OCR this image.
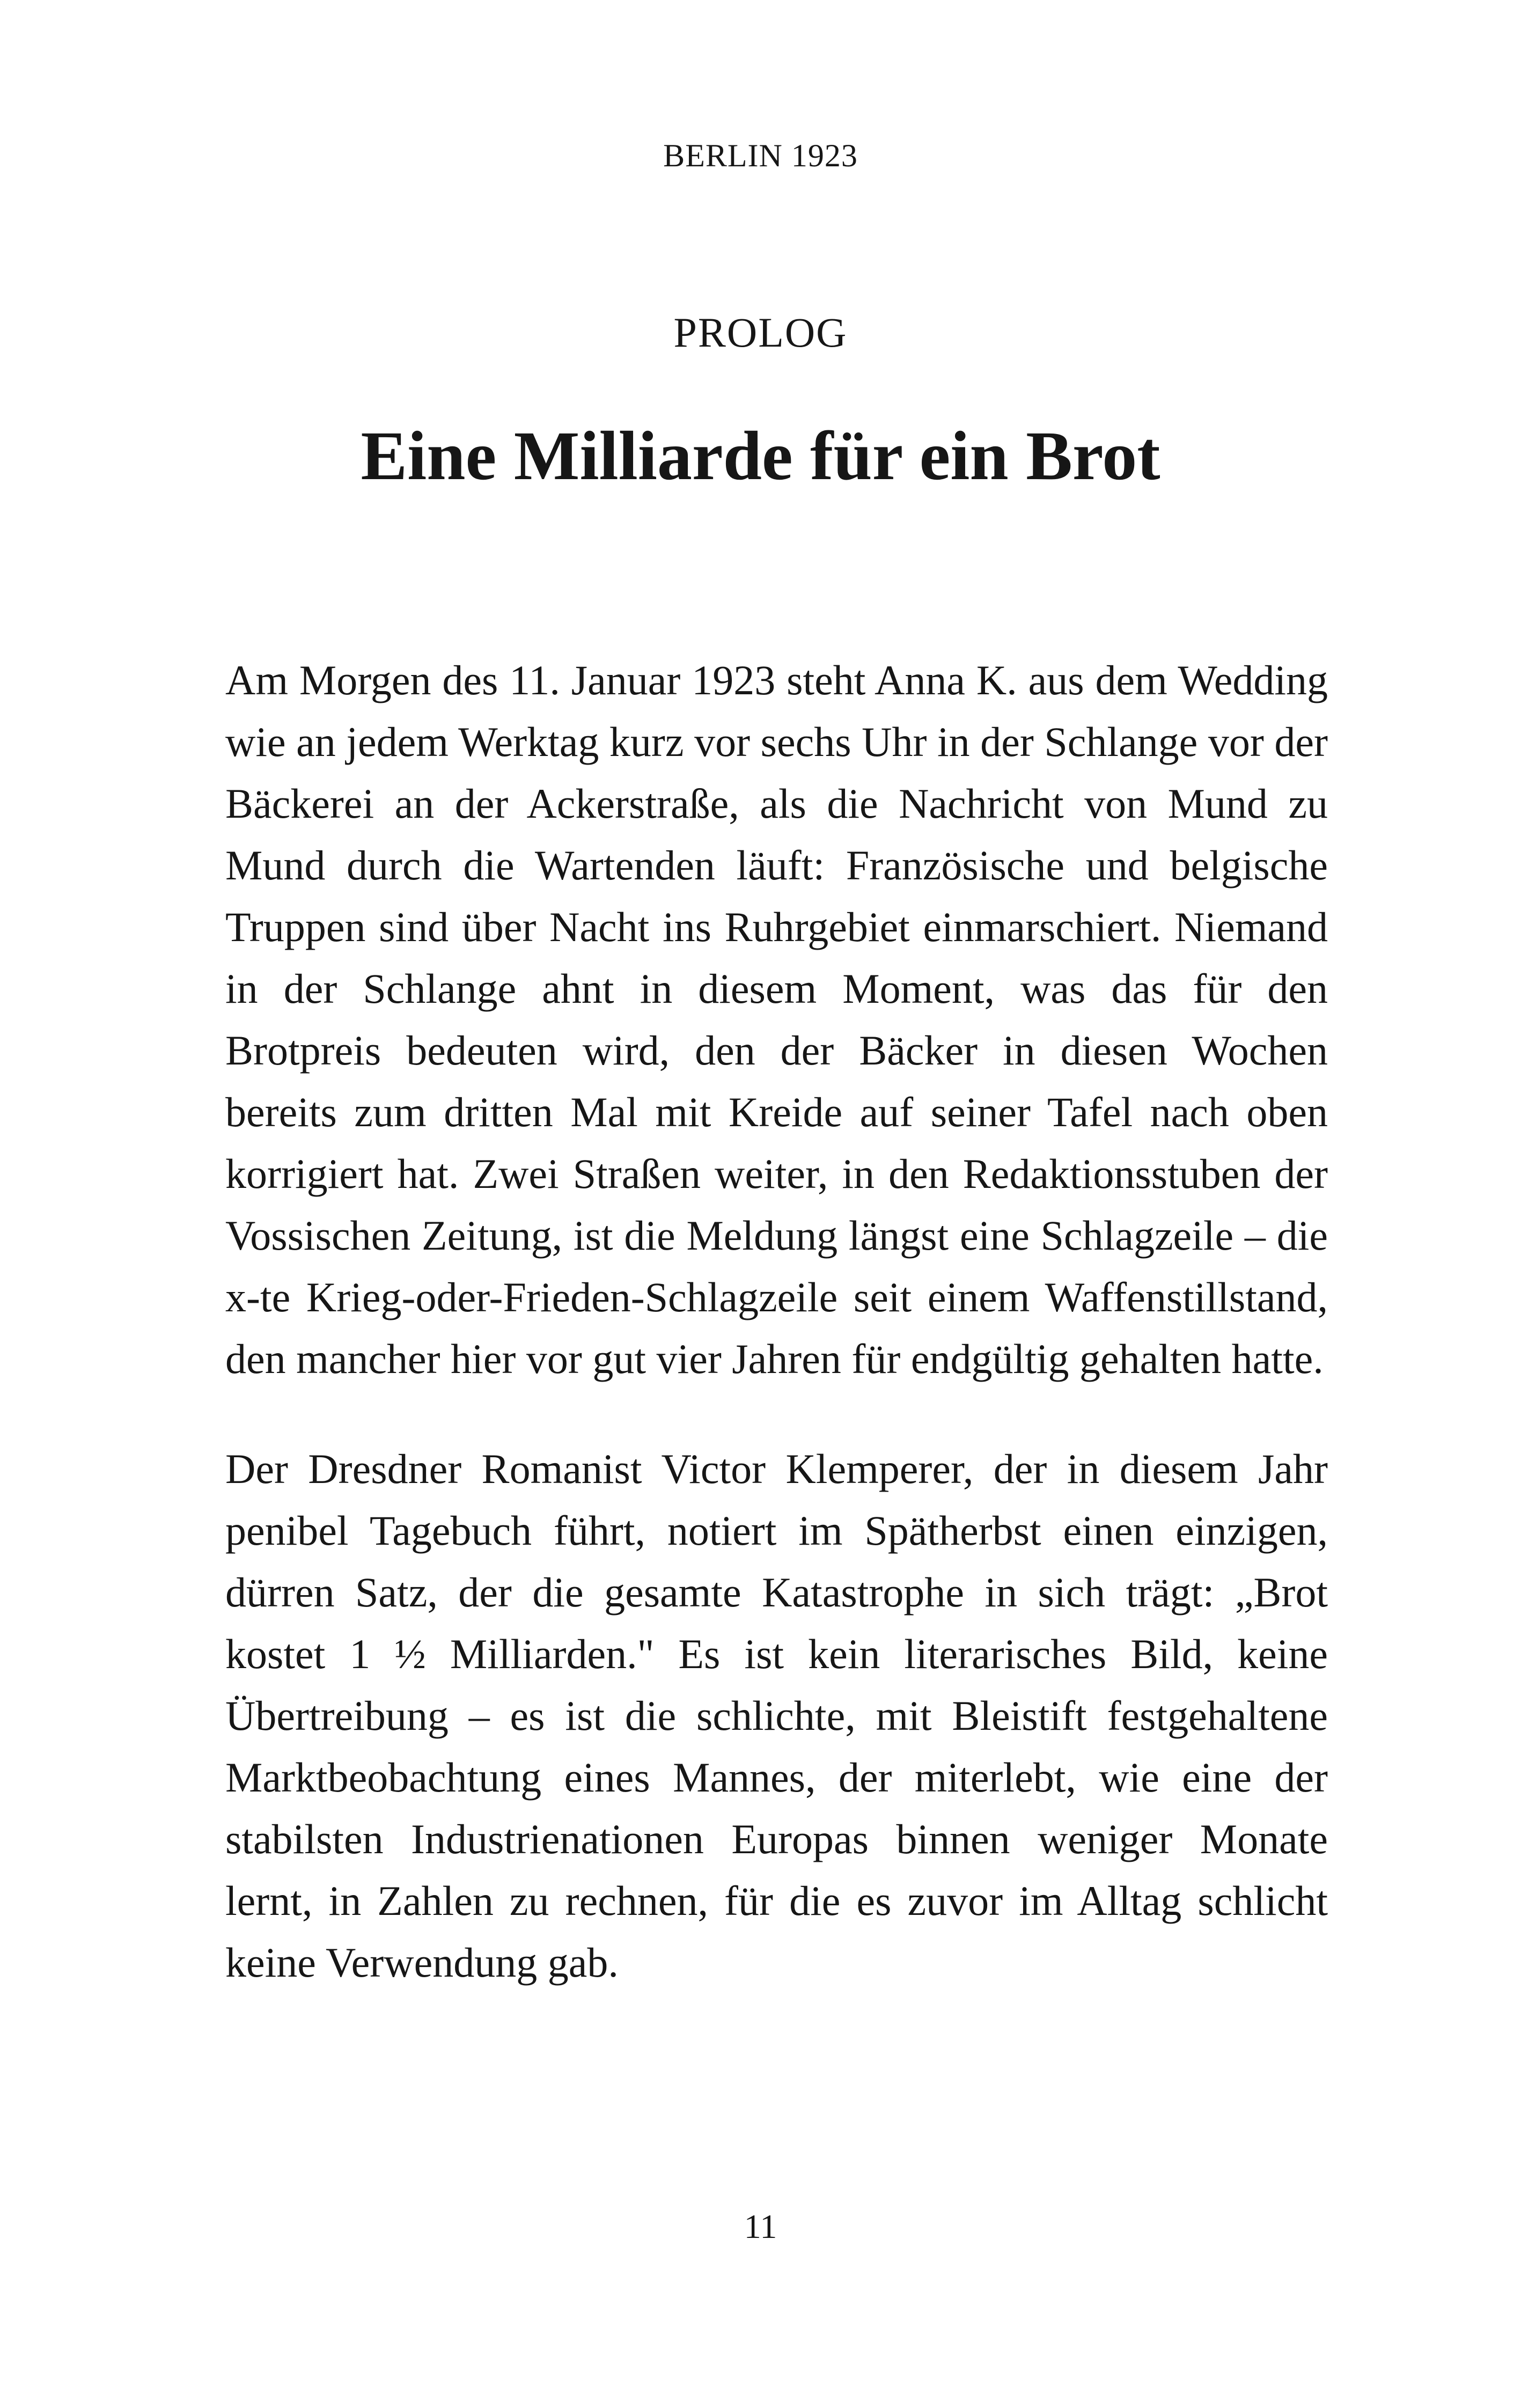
BERLIN 1923
PROLOG
Eine Milliarde für ein Brot

Am Morgen des 11. Januar 1923 steht Anna K. aus dem Wedding wie an jedem Werktag kurz vor sechs Uhr in der Schlange vor der Bäckerei an der Ackerstraße, als die Nachricht von Mund zu Mund durch die Wartenden läuft: Französische und belgische Truppen sind über Nacht ins Ruhrgebiet einmarschiert. Niemand in der Schlange ahnt in diesem Moment, was das für den Brotpreis bedeuten wird, den der Bäcker in diesen Wochen bereits zum dritten Mal mit Kreide auf seiner Tafel nach oben korrigiert hat. Zwei Straßen weiter, in den Redaktionsstuben der Vossischen Zeitung, ist die Meldung längst eine Schlagzeile – die x-te Krieg-oder-Frieden-Schlagzeile seit einem Waffenstillstand, den mancher hier vor gut vier Jahren für endgültig gehalten hatte.

Der Dresdner Romanist Victor Klemperer, der in diesem Jahr penibel Tagebuch führt, notiert im Spätherbst einen einzigen, dürren Satz, der die gesamte Katastrophe in sich trägt: „Brot kostet 1 ½ Milliarden." Es ist kein literarisches Bild, keine Übertreibung – es ist die schlichte, mit Bleistift festgehaltene Marktbeobachtung eines Mannes, der miterlebt, wie eine der stabilsten Industrienationen Europas binnen weniger Monate lernt, in Zahlen zu rechnen, für die es zuvor im Alltag schlicht keine Verwendung gab.

11
